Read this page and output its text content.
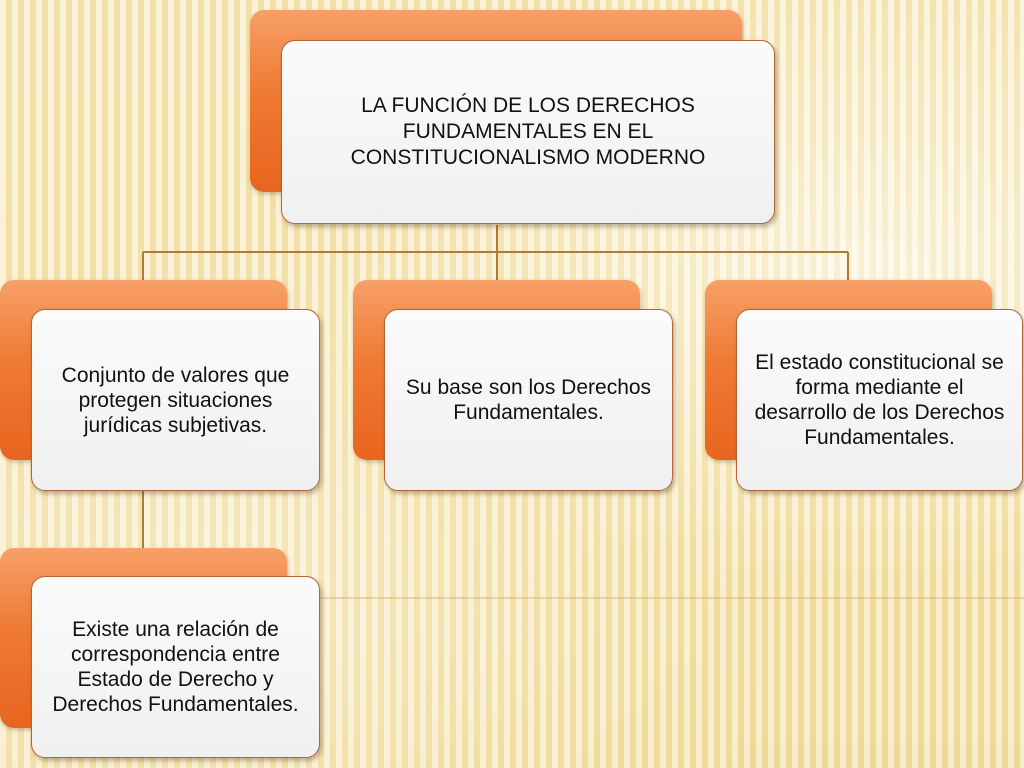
LA FUNCIÓN DE LOS DERECHOS FUNDAMENTALES EN EL CONSTITUCIONALISMO MODERNO
Conjunto de valores que protegen situaciones jurídicas subjetivas.
Su base son los Derechos Fundamentales.
El estado constitucional se forma mediante el desarrollo de los Derechos Fundamentales.
Existe una relación de correspondencia entre Estado de Derecho y Derechos Fundamentales.
